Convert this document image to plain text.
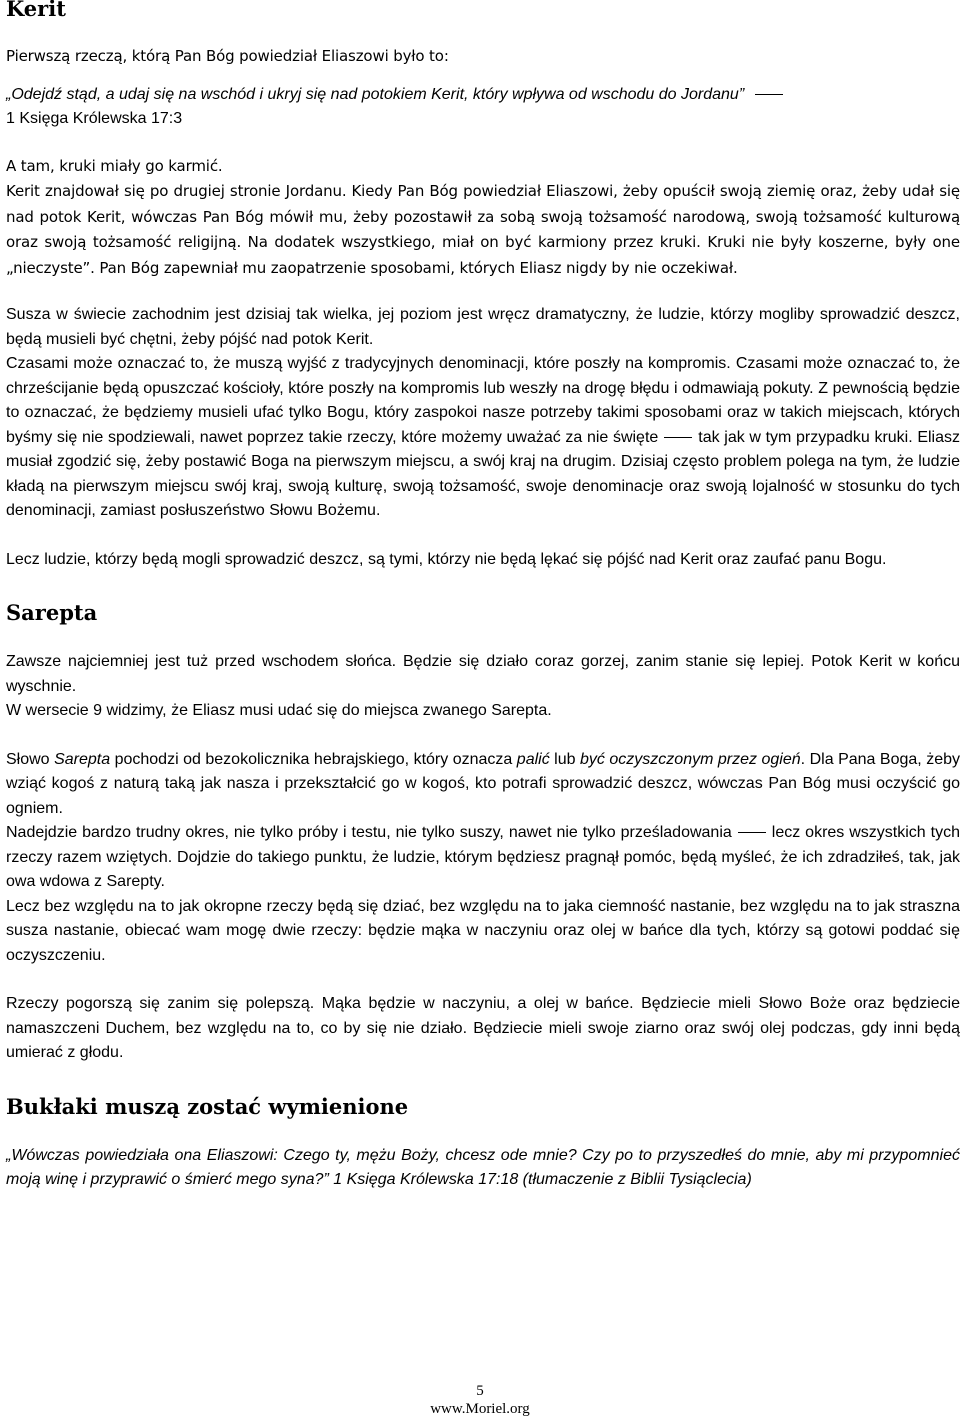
Kerit

Pierwszą rzeczą, którą Pan Bóg powiedział Eliaszowi było to:

„Odejdź stąd, a udaj się na wschód i ukryj się nad potokiem Kerit, który wpływa od wschodu do Jordanu”
1 Księga Królewska 17:3

A tam, kruki miały go karmić.
Kerit znajdował się po drugiej stronie Jordanu. Kiedy Pan Bóg powiedział Eliaszowi, żeby opuścił swoją ziemię oraz, żeby udał się nad potok Kerit, wówczas Pan Bóg mówił mu, żeby pozostawił za sobą swoją tożsamość narodową, swoją tożsamość kulturową oraz swoją tożsamość religijną. Na dodatek wszystkiego, miał on być karmiony przez kruki. Kruki nie były koszerne, były one „nieczyste”. Pan Bóg zapewniał mu zaopatrzenie sposobami, których Eliasz nigdy by nie oczekiwał.

Susza w świecie zachodnim jest dzisiaj tak wielka, jej poziom jest wręcz dramatyczny, że ludzie, którzy mogliby sprowadzić deszcz, będą musieli być chętni, żeby pójść nad potok Kerit.

Czasami może oznaczać to, że muszą wyjść z tradycyjnych denominacji, które poszły na kompromis. Czasami może oznaczać to, że chrześcijanie będą opuszczać kościoły, które poszły na kompromis lub weszły na drogę błędu i odmawiają pokuty. Z pewnością będzie to oznaczać, że będziemy musieli ufać tylko Bogu, który zaspokoi nasze potrzeby takimi sposobami oraz w takich miejscach, których byśmy się nie spodziewali, nawet poprzez takie rzeczy, które możemy uważać za nie święte	tak jak w tym przypadku kruki. Eliasz musiał zgodzić się, żeby postawić Boga na pierwszym miejscu, a swój kraj na drugim. Dzisiaj często problem polega na tym, że ludzie kładą na pierwszym miejscu swój kraj, swoją kulturę, swoją tożsamość, swoje denominacje oraz swoją lojalność w stosunku do tych denominacji, zamiast posłuszeństwo Słowu Bożemu.

Lecz ludzie, którzy będą mogli sprowadzić deszcz, są tymi, którzy nie będą lękać się pójść nad Kerit oraz zaufać panu Bogu.

Sarepta

Zawsze najciemniej jest tuż przed wschodem słońca. Będzie się działo coraz gorzej, zanim stanie się lepiej. Potok Kerit w końcu wyschnie.
W wersecie 9 widzimy, że Eliasz musi udać się do miejsca zwanego Sarepta.

Słowo Sarepta pochodzi od bezokolicznika hebrajskiego, który oznacza palić lub być oczyszczonym przez ogień. Dla Pana Boga, żeby wziąć kogoś z naturą taką jak nasza i przekształcić go w kogoś, kto potrafi sprowadzić deszcz, wówczas Pan Bóg musi oczyścić go ogniem.

Nadejdzie bardzo trudny okres, nie tylko próby i testu, nie tylko suszy, nawet nie tylko prześladowania	lecz okres wszystkich tych rzeczy razem wziętych. Dojdzie do takiego punktu, że ludzie, którym będziesz pragnął pomóc, będą myśleć, że ich zdradziłeś, tak, jak owa wdowa z Sarepty.

Lecz bez względu na to jak okropne rzeczy będą się dziać, bez względu na to jaka ciemność nastanie, bez względu na to jak straszna susza nastanie, obiecać wam mogę dwie rzeczy: będzie mąka w naczyniu oraz olej w bańce dla tych, którzy są gotowi poddać się oczyszczeniu.

Rzeczy pogorszą się zanim się polepszą. Mąka będzie w naczyniu, a olej w bańce. Będziecie mieli Słowo Boże oraz będziecie namaszczeni Duchem, bez względu na to, co by się nie działo. Będziecie mieli swoje ziarno oraz swój olej podczas, gdy inni będą umierać z głodu.

Bukłaki muszą zostać wymienione

„Wówczas powiedziała ona Eliaszowi: Czego ty, mężu Boży, chcesz ode mnie? Czy po to przyszedłeś do mnie, aby mi przypomnieć moją winę i przyprawić o śmierć mego syna?” 1 Księga Królewska 17:18 (tłumaczenie z Biblii Tysiąclecia)

5
www.Moriel.org
